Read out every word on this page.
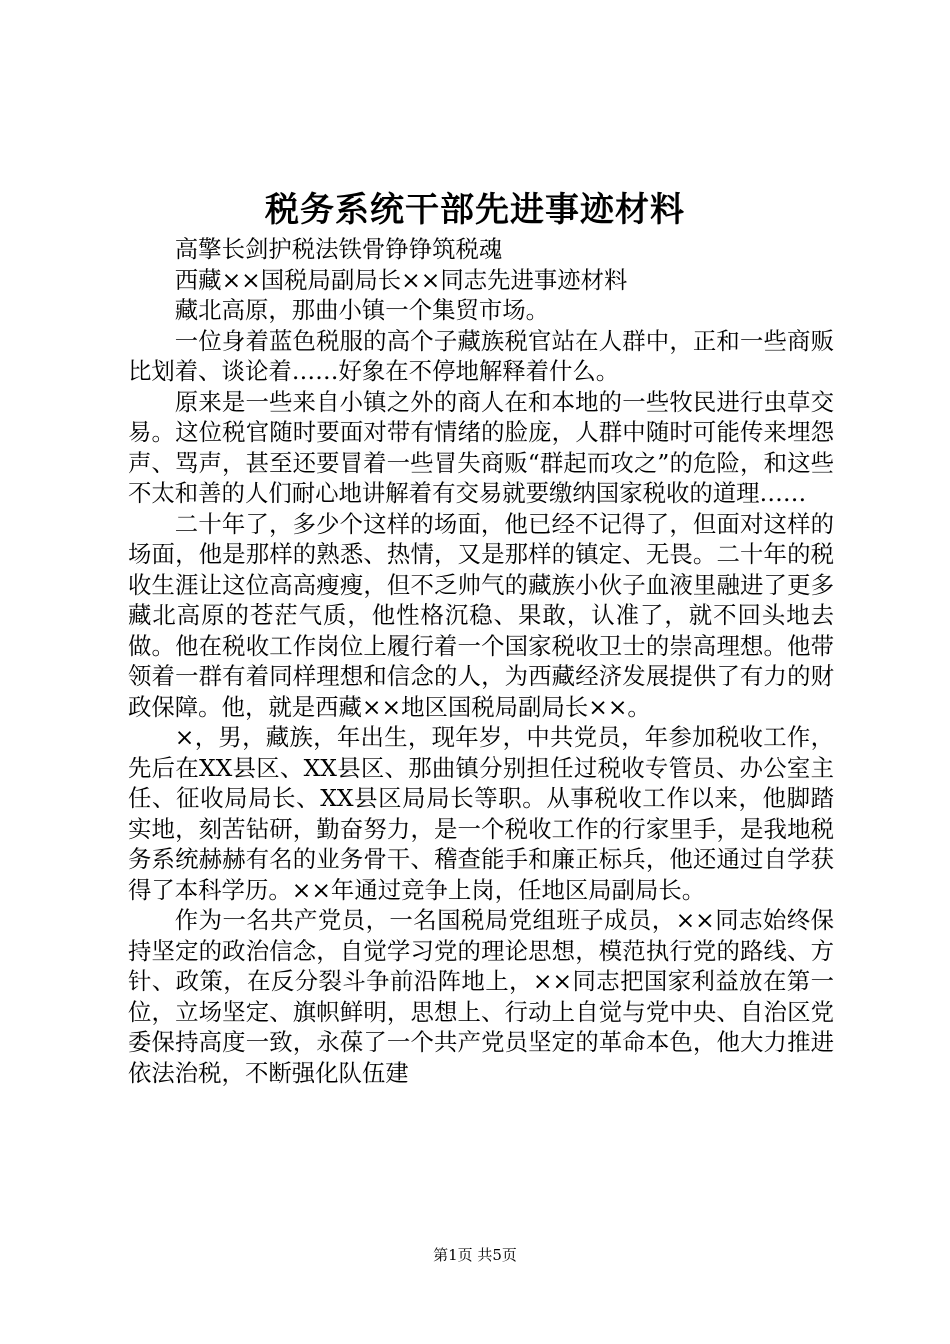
税务系统干部先进事迹材料

高擎长剑护税法铁骨铮铮筑税魂

西藏××国税局副局长××同志先进事迹材料

藏北高原，那曲小镇一个集贸市场。

一位身着蓝色税服的高个子藏族税官站在人群中，正和一些商贩比划着、谈论着……好象在不停地解释着什么。

原来是一些来自小镇之外的商人在和本地的一些牧民进行虫草交易。这位税官随时要面对带有情绪的脸庞，人群中随时可能传来埋怨声、骂声，甚至还要冒着一些冒失商贩“群起而攻之”的危险，和这些不太和善的人们耐心地讲解着有交易就要缴纳国家税收的道理……

二十年了，多少个这样的场面，他已经不记得了，但面对这样的场面，他是那样的熟悉、热情，又是那样的镇定、无畏。二十年的税收生涯让这位高高瘦瘦，但不乏帅气的藏族小伙子血液里融进了更多藏北高原的苍茫气质，他性格沉稳、果敢，认准了，就不回头地去做。他在税收工作岗位上履行着一个国家税收卫士的崇高理想。他带领着一群有着同样理想和信念的人，为西藏经济发展提供了有力的财政保障。他，就是西藏××地区国税局副局长××。

×，男，藏族，年出生，现年岁，中共党员，年参加税收工作，先后在XX县区、XX县区、那曲镇分别担任过税收专管员、办公室主任、征收局局长、XX县区局局长等职。从事税收工作以来，他脚踏实地，刻苦钻研，勤奋努力，是一个税收工作的行家里手，是我地税务系统赫赫有名的业务骨干、稽查能手和廉正标兵，他还通过自学获得了本科学历。××年通过竞争上岗，任地区局副局长。

作为一名共产党员，一名国税局党组班子成员，××同志始终保持坚定的政治信念，自觉学习党的理论思想，模范执行党的路线、方针、政策，在反分裂斗争前沿阵地上，××同志把国家利益放在第一位，立场坚定、旗帜鲜明，思想上、行动上自觉与党中央、自治区党委保持高度一致，永葆了一个共产党员坚定的革命本色，他大力推进依法治税，不断强化队伍建

第1页 共5页
